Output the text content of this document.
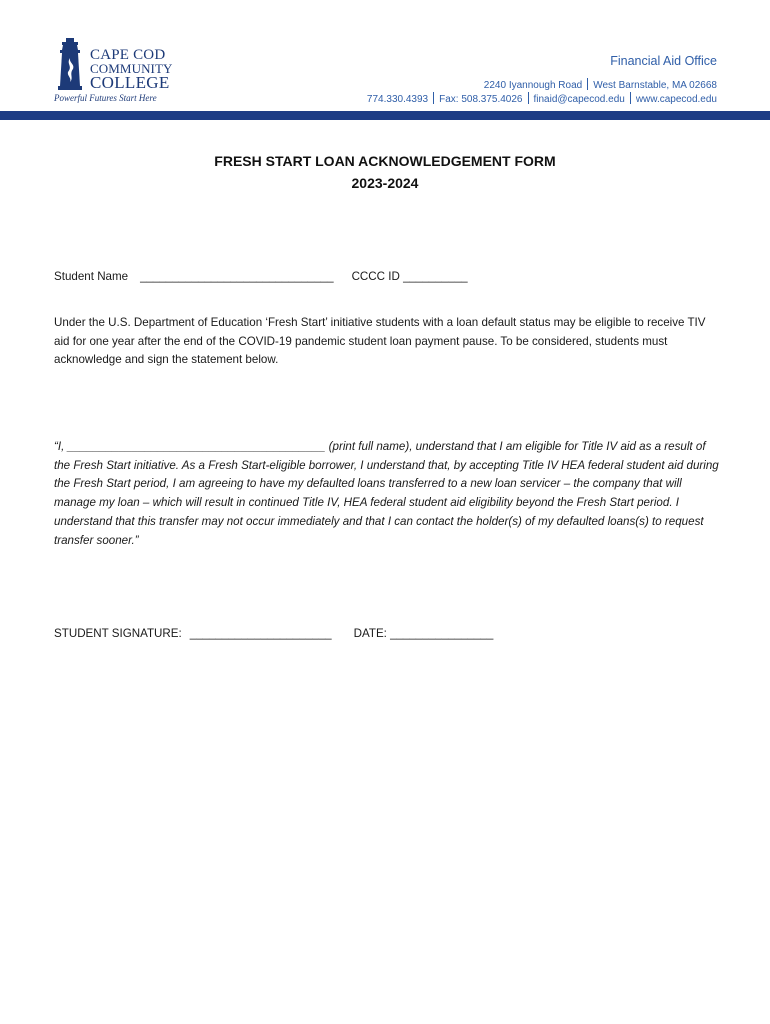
CAPE COD
COMMUNITY
COLLEGE
Powerful Futures Start Here
Financial Aid Office
2240 Iyannough Road West Barnstable, MA 02668
774.330.4393 Fax: 508.375.4026 finaid@capecod.edu www.capecod.edu
FRESH START LOAN ACKNOWLEDGEMENT FORM
2023-2024
Student Name ______________________________ CCCC ID __________
Under the U.S. Department of Education ‘Fresh Start’ initiative students with a loan default status may be eligible to receive TIV aid for one year after the end of the COVID-19 pandemic student loan payment pause. To be considered, students must acknowledge and sign the statement below.
“I, ________________________________________ (print full name), understand that I am eligible for Title IV aid as a result of the Fresh Start initiative. As a Fresh Start-eligible borrower, I understand that, by accepting Title IV HEA federal student aid during the Fresh Start period, I am agreeing to have my defaulted loans transferred to a new loan servicer – the company that will manage my loan – which will result in continued Title IV, HEA federal student aid eligibility beyond the Fresh Start period. I understand that this transfer may not occur immediately and that I can contact the holder(s) of my defaulted loans(s) to request transfer sooner.”
STUDENT SIGNATURE: ______________________ DATE: ________________
